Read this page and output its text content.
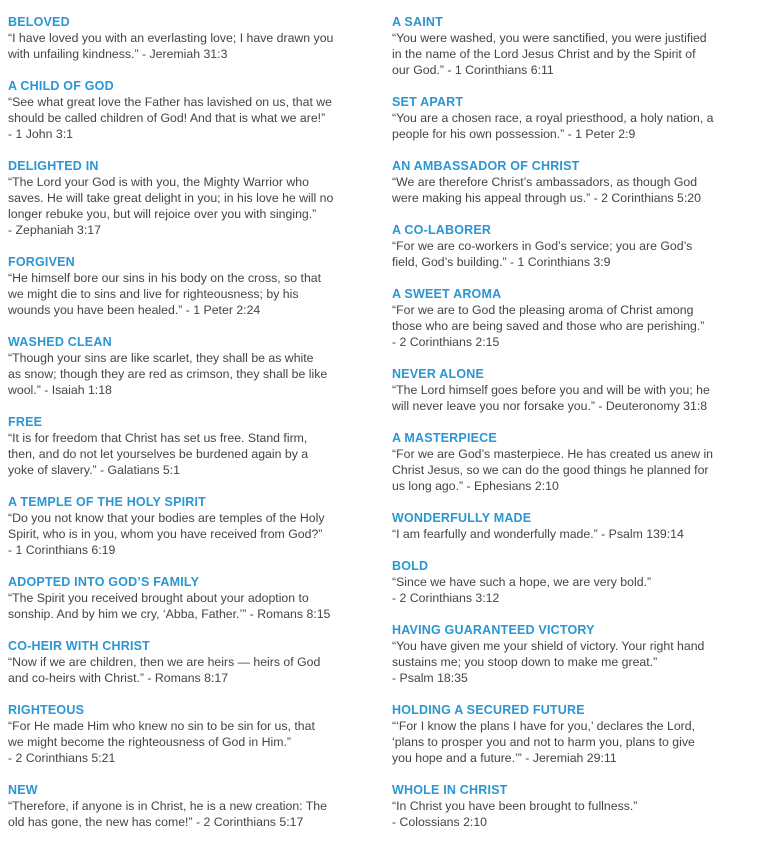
BELOVED
“I have loved you with an everlasting love; I have drawn you
with unfailing kindness.” - Jeremiah 31:3
A CHILD OF GOD
“See what great love the Father has lavished on us, that we
should be called children of God! And that is what we are!”
- 1 John 3:1
DELIGHTED IN
“The Lord your God is with you, the Mighty Warrior who
saves. He will take great delight in you; in his love he will no
longer rebuke you, but will rejoice over you with singing.”
- Zephaniah 3:17
FORGIVEN
“He himself bore our sins in his body on the cross, so that
we might die to sins and live for righteousness; by his
wounds you have been healed.” - 1 Peter 2:24
WASHED CLEAN
“Though your sins are like scarlet, they shall be as white
as snow; though they are red as crimson, they shall be like
wool.” - Isaiah 1:18
FREE
“It is for freedom that Christ has set us free. Stand firm,
then, and do not let yourselves be burdened again by a
yoke of slavery.” - Galatians 5:1
A TEMPLE OF THE HOLY SPIRIT
“Do you not know that your bodies are temples of the Holy
Spirit, who is in you, whom you have received from God?”
- 1 Corinthians 6:19
ADOPTED INTO GOD’S FAMILY
“The Spirit you received brought about your adoption to
sonship. And by him we cry, ‘Abba, Father.’” - Romans 8:15
CO-HEIR WITH CHRIST
“Now if we are children, then we are heirs — heirs of God
and co-heirs with Christ.” - Romans 8:17
RIGHTEOUS
“For He made Him who knew no sin to be sin for us, that
we might become the righteousness of God in Him.”
- 2 Corinthians 5:21
NEW
“Therefore, if anyone is in Christ, he is a new creation: The
old has gone, the new has come!” - 2 Corinthians 5:17
A SAINT
“You were washed, you were sanctified, you were justified
in the name of the Lord Jesus Christ and by the Spirit of
our God.” - 1 Corinthians 6:11
SET APART
“You are a chosen race, a royal priesthood, a holy nation, a
people for his own possession.” - 1 Peter 2:9
AN AMBASSADOR OF CHRIST
“We are therefore Christ’s ambassadors, as though God
were making his appeal through us.” - 2 Corinthians 5:20
A CO-LABORER
“For we are co-workers in God’s service; you are God’s
field, God’s building.” - 1 Corinthians 3:9
A SWEET AROMA
“For we are to God the pleasing aroma of Christ among
those who are being saved and those who are perishing.”
- 2 Corinthians 2:15
NEVER ALONE
“The Lord himself goes before you and will be with you; he
will never leave you nor forsake you.” - Deuteronomy 31:8
A MASTERPIECE
“For we are God’s masterpiece. He has created us anew in
Christ Jesus, so we can do the good things he planned for
us long ago.” - Ephesians 2:10
WONDERFULLY MADE
“I am fearfully and wonderfully made.” - Psalm 139:14
BOLD
“Since we have such a hope, we are very bold.”
- 2 Corinthians 3:12
HAVING GUARANTEED VICTORY
“You have given me your shield of victory. Your right hand
sustains me; you stoop down to make me great.”
- Psalm 18:35
HOLDING A SECURED FUTURE
“‘For I know the plans I have for you,’ declares the Lord,
‘plans to prosper you and not to harm you, plans to give
you hope and a future.’” - Jeremiah 29:11
WHOLE IN CHRIST
“In Christ you have been brought to fullness.”
- Colossians 2:10
